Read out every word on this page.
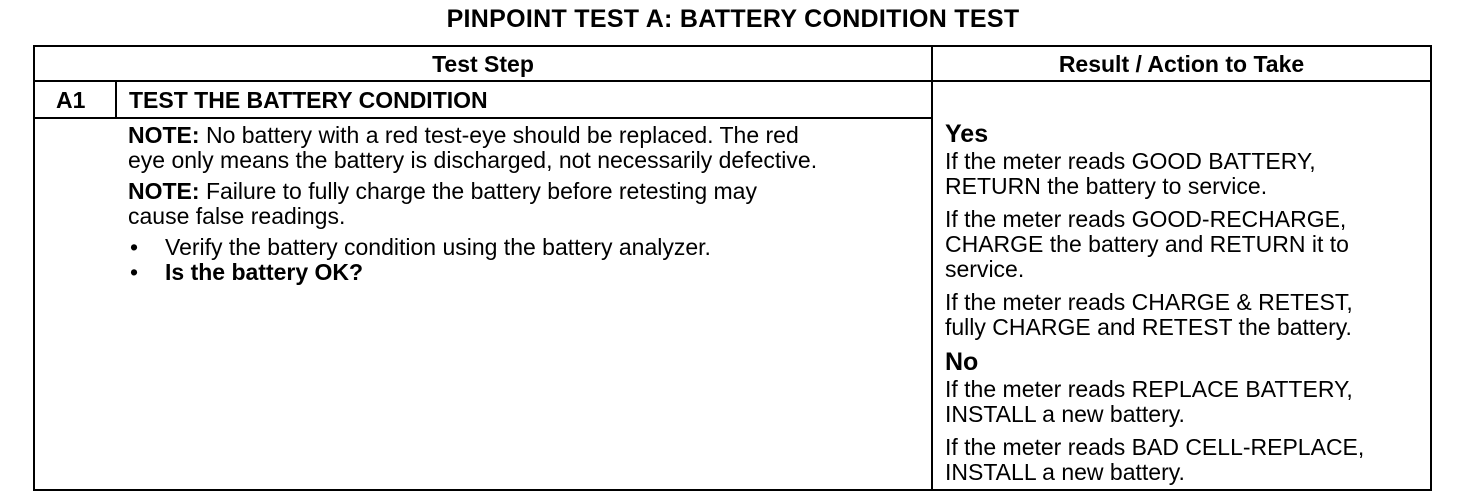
PINPOINT TEST A: BATTERY CONDITION TEST
Test Step	Result / Action to Take
A1 TEST THE BATTERY CONDITION
NOTE: No battery with a red test-eye should be replaced. The red
eye only means the battery is discharged, not necessarily defective.
NOTE: Failure to fully charge the battery before retesting may
cause false readings.
• Verify the battery condition using the battery analyzer.
• Is the battery OK?
Yes
If the meter reads GOOD BATTERY,
RETURN the battery to service.
If the meter reads GOOD-RECHARGE,
CHARGE the battery and RETURN it to
service.
If the meter reads CHARGE & RETEST,
fully CHARGE and RETEST the battery.
No
If the meter reads REPLACE BATTERY,
INSTALL a new battery.
If the meter reads BAD CELL-REPLACE,
INSTALL a new battery.
